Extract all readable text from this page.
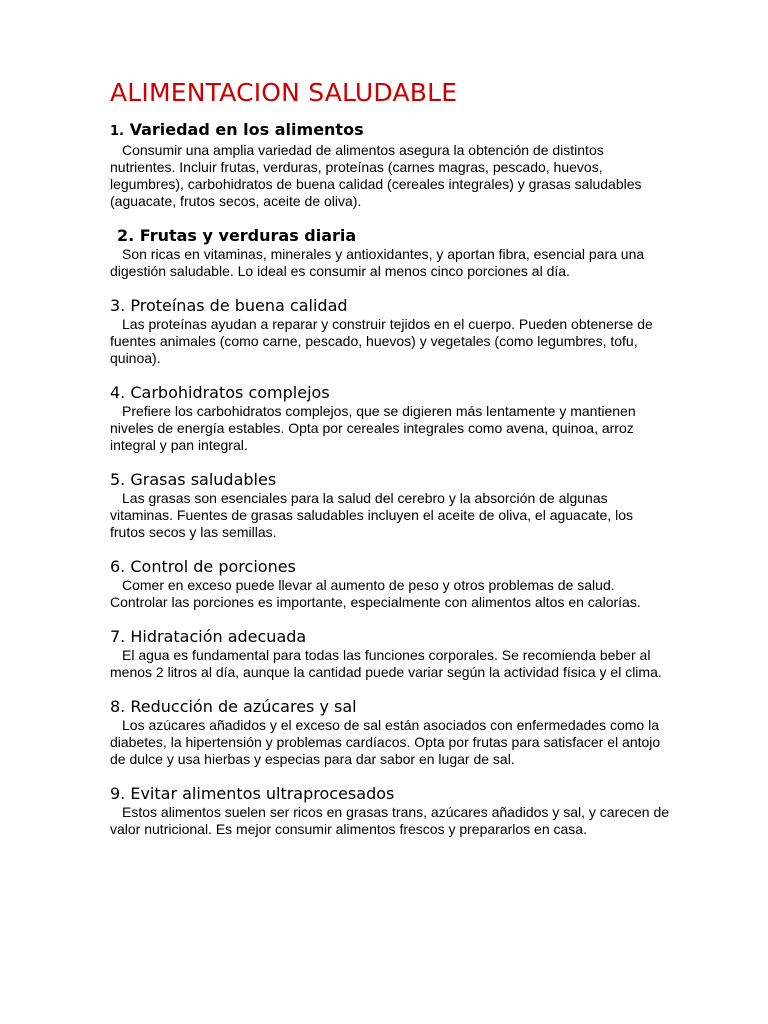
ALIMENTACION SALUDABLE

1. Variedad en los alimentos

Consumir una amplia variedad de alimentos asegura la obtención de distintos nutrientes. Incluir frutas, verduras, proteínas (carnes magras, pescado, huevos, legumbres), carbohidratos de buena calidad (cereales integrales) y grasas saludables (aguacate, frutos secos, aceite de oliva).

2. Frutas y verduras diaria

Son ricas en vitaminas, minerales y antioxidantes, y aportan fibra, esencial para una digestión saludable. Lo ideal es consumir al menos cinco porciones al día.

3. Proteínas de buena calidad

Las proteínas ayudan a reparar y construir tejidos en el cuerpo. Pueden obtenerse de fuentes animales (como carne, pescado, huevos) y vegetales (como legumbres, tofu, quinoa).

4. Carbohidratos complejos

Prefiere los carbohidratos complejos, que se digieren más lentamente y mantienen niveles de energía estables. Opta por cereales integrales como avena, quinoa, arroz integral y pan integral.

5. Grasas saludables

Las grasas son esenciales para la salud del cerebro y la absorción de algunas vitaminas. Fuentes de grasas saludables incluyen el aceite de oliva, el aguacate, los frutos secos y las semillas.

6. Control de porciones

Comer en exceso puede llevar al aumento de peso y otros problemas de salud. Controlar las porciones es importante, especialmente con alimentos altos en calorías.

7. Hidratación adecuada

El agua es fundamental para todas las funciones corporales. Se recomienda beber al menos 2 litros al día, aunque la cantidad puede variar según la actividad física y el clima.

8. Reducción de azúcares y sal

Los azúcares añadidos y el exceso de sal están asociados con enfermedades como la diabetes, la hipertensión y problemas cardíacos. Opta por frutas para satisfacer el antojo de dulce y usa hierbas y especias para dar sabor en lugar de sal.

9. Evitar alimentos ultraprocesados

Estos alimentos suelen ser ricos en grasas trans, azúcares añadidos y sal, y carecen de valor nutricional. Es mejor consumir alimentos frescos y prepararlos en casa.
